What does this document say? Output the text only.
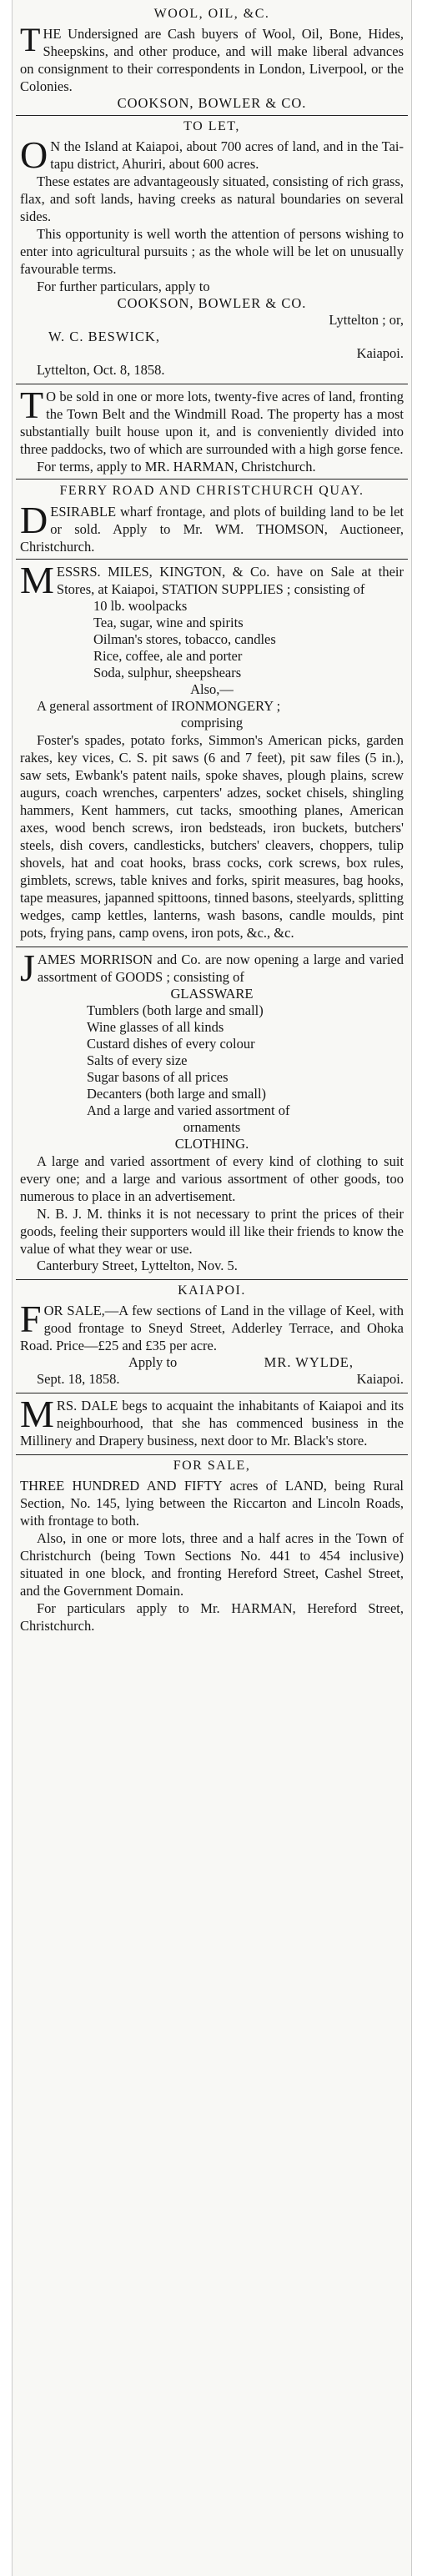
WOOL, OIL, &C.

THE Undersigned are Cash buyers of Wool, Oil, Bone, Hides, Sheepskins, and other produce, and will make liberal advances on consignment to their correspondents in London, Liverpool, or the Colonies.

COOKSON, BOWLER & CO.

TO LET,

O N the Island at Kaiapoi, about 700 acres of land, and in the Tai-tapu district, Ahuriri, about 600 acres.

These estates are advantageously situated, consisting of rich grass, flax, and soft lands, having creeks as natural boundaries on several sides.

This opportunity is well worth the attention of persons wishing to enter into agricultural pursuits ; as the whole will be let on unusually favourable terms.

For further particulars, apply to

COOKSON, BOWLER & CO.

Lyttelton ; or,

W. C. BESWICK,

Kaiapoi.

Lyttelton, Oct. 8, 1858.

T O be sold in one or more lots, twenty-five acres of land, fronting the Town Belt and the Windmill Road. The property has a most substantially built house upon it, and is conveniently divided into three paddocks, two of which are surrounded with a high gorse fence.

For terms, apply to MR. HARMAN, Christchurch.

FERRY ROAD AND CHRISTCHURCH QUAY.

DESIRABLE wharf frontage, and plots of building land to be let or sold. Apply to Mr. WM. THOMSON, Auctioneer, Christchurch.

MESSRS. MILES, KINGTON, & Co. have on Sale at their Stores, at Kaiapoi, STATION SUPPLIES ; consisting of

10 lb. woolpacks

Tea, sugar, wine and spirits

Oilman's stores, tobacco, candles

Rice, coffee, ale and porter

Soda, sulphur, sheepshears

Also,—

A general assortment of IRONMONGERY ;

comprising

Foster's spades, potato forks, Simmon's American picks, garden rakes, key vices, C. S. pit saws (6 and 7 feet), pit saw files (5 in.), saw sets, Ewbank's patent nails, spoke shaves, plough plains, screw augurs, coach wrenches, carpenters' adzes, socket chisels, shingling hammers, Kent hammers, cut tacks, smoothing planes, American axes, wood bench screws, iron bedsteads, iron buckets, butchers' steels, dish covers, candlesticks, butchers' cleavers, choppers, tulip shovels, hat and coat hooks, brass cocks, cork screws, box rules, gimblets, screws, table knives and forks, spirit measures, bag hooks, tape measures, japanned spittoons, tinned basons, steelyards, splitting wedges, camp kettles, lanterns, wash basons, candle moulds, pint pots, frying pans, camp ovens, iron pots, &c., &c.

JAMES MORRISON and Co. are now opening a large and varied assortment of GOODS ; consisting of

GLASSWARE

Tumblers (both large and small)

Wine glasses of all kinds

Custard dishes of every colour

Salts of every size

Sugar basons of all prices

Decanters (both large and small)

And a large and varied assortment of

ornaments

CLOTHING.

A large and varied assortment of every kind of clothing to suit every one; and a large and various assortment of other goods, too numerous to place in an advertisement.

N. B. J. M. thinks it is not necessary to print the prices of their goods, feeling their supporters would ill like their friends to know the value of what they wear or use.

Canterbury Street, Lyttelton, Nov. 5.

KAIAPOI.

FOR SALE,—A few sections of Land in the village of Keel, with good frontage to Sneyd Street, Adderley Terrace, and Ohoka Road. Price—£25 and £35 per acre.

Apply to	MR. WYLDE,
Sept. 18, 1858.	Kaiapoi.

MRS. DALE begs to acquaint the inhabitants of Kaiapoi and its neighbourhood, that she has commenced business in the Millinery and Drapery business, next door to Mr. Black's store.

FOR SALE,

THREE HUNDRED AND FIFTY acres of LAND, being Rural Section, No. 145, lying between the Riccarton and Lincoln Roads, with frontage to both.

Also, in one or more lots, three and a half acres in the Town of Christchurch (being Town Sections No. 441 to 454 inclusive) situated in one block, and fronting Hereford Street, Cashel Street, and the Government Domain.

For particulars apply to Mr. HARMAN, Hereford Street, Christchurch.
